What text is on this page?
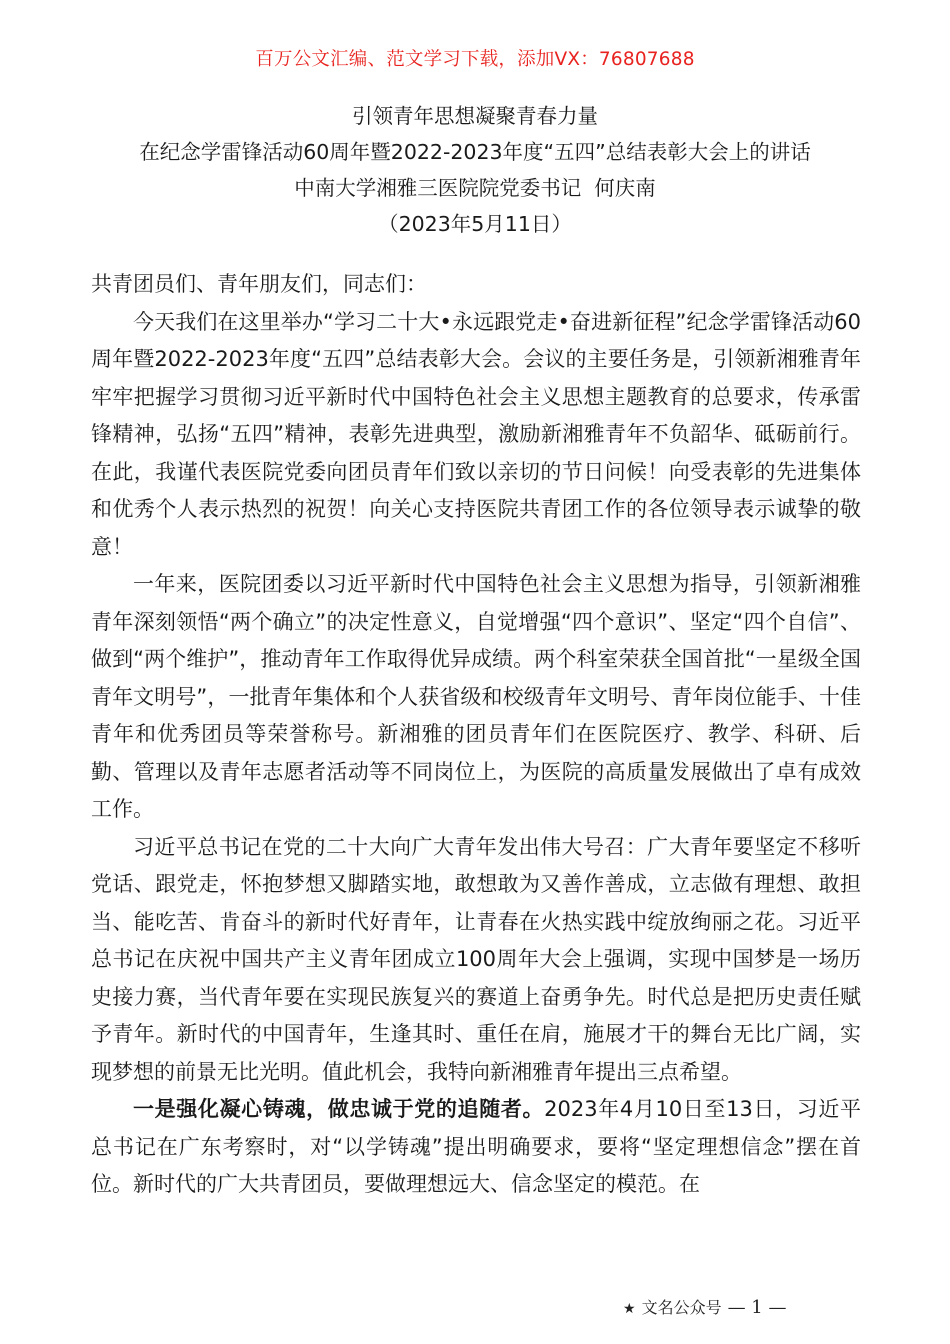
百万公文汇编、范文学习下载，添加VX：76807688
引领青年思想凝聚青春力量
在纪念学雷锋活动60周年暨2022-2023年度“五四”总结表彰大会上的讲话
中南大学湘雅三医院院党委书记  何庆南
（2023年5月11日）

共青团员们、青年朋友们，同志们：

今天我们在这里举办“学习二十大•永远跟党走•奋进新征程”纪念学雷锋活动60周年暨2022-2023年度“五四”总结表彰大会。会议的主要任务是，引领新湘雅青年牢牢把握学习贯彻习近平新时代中国特色社会主义思想主题教育的总要求，传承雷锋精神，弘扬“五四”精神，表彰先进典型，激励新湘雅青年不负韶华、砥砺前行。在此，我谨代表医院党委向团员青年们致以亲切的节日问候！向受表彰的先进集体和优秀个人表示热烈的祝贺！向关心支持医院共青团工作的各位领导表示诚挚的敬意！

一年来，医院团委以习近平新时代中国特色社会主义思想为指导，引领新湘雅青年深刻领悟“两个确立”的决定性意义，自觉增强“四个意识”、坚定“四个自信”、做到“两个维护”，推动青年工作取得优异成绩。两个科室荣获全国首批“一星级全国青年文明号”，一批青年集体和个人获省级和校级青年文明号、青年岗位能手、十佳青年和优秀团员等荣誉称号。新湘雅的团员青年们在医院医疗、教学、科研、后勤、管理以及青年志愿者活动等不同岗位上，为医院的高质量发展做出了卓有成效工作。

习近平总书记在党的二十大向广大青年发出伟大号召：广大青年要坚定不移听党话、跟党走，怀抱梦想又脚踏实地，敢想敢为又善作善成，立志做有理想、敢担当、能吃苦、肯奋斗的新时代好青年，让青春在火热实践中绽放绚丽之花。习近平总书记在庆祝中国共产主义青年团成立100周年大会上强调，实现中国梦是一场历史接力赛，当代青年要在实现民族复兴的赛道上奋勇争先。时代总是把历史责任赋予青年。新时代的中国青年，生逢其时、重任在肩，施展才干的舞台无比广阔，实现梦想的前景无比光明。值此机会，我特向新湘雅青年提出三点希望。

一是强化凝心铸魂，做忠诚于党的追随者。2023年4月10日至13日，习近平总书记在广东考察时，对“以学铸魂”提出明确要求，要将“坚定理想信念”摆在首位。新时代的广大共青团员，要做理想远大、信念坚定的模范。在

★ 文名公众号 — 1 —
